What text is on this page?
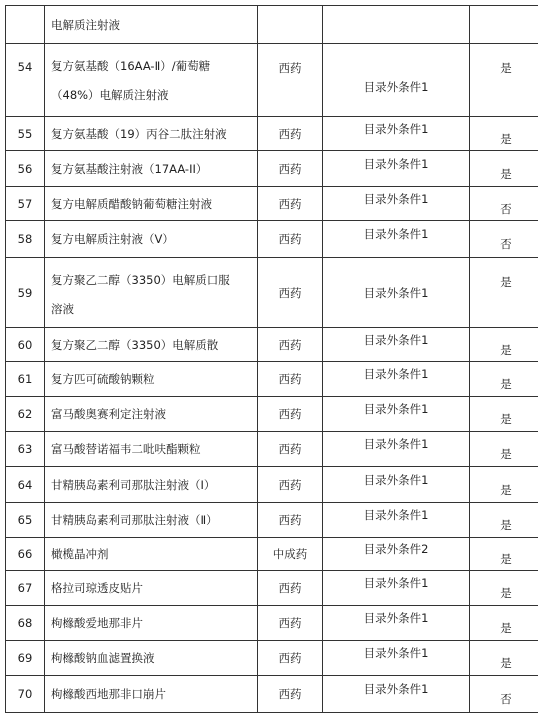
	电解质注射液			
54	复方氨基酸（16AA-Ⅱ）/葡萄糖
（48%）电解质注射液	西药	目录外条件1	是
55	复方氨基酸（19）丙谷二肽注射液	西药	目录外条件1	是
56	复方氨基酸注射液（17AA-II）	西药	目录外条件1	是
57	复方电解质醋酸钠葡萄糖注射液	西药	目录外条件1	否
58	复方电解质注射液（V）	西药	目录外条件1	否
59	复方聚乙二醇（3350）电解质口服
溶液	西药	目录外条件1	是
60	复方聚乙二醇（3350）电解质散	西药	目录外条件1	是
61	复方匹可硫酸钠颗粒	西药	目录外条件1	是
62	富马酸奥赛利定注射液	西药	目录外条件1	是
63	富马酸替诺福韦二吡呋酯颗粒	西药	目录外条件1	是
64	甘精胰岛素利司那肽注射液（Ⅰ）	西药	目录外条件1	是
65	甘精胰岛素利司那肽注射液（Ⅱ）	西药	目录外条件1	是
66	橄榄晶冲剂	中成药	目录外条件2	是
67	格拉司琼透皮贴片	西药	目录外条件1	是
68	枸橼酸爱地那非片	西药	目录外条件1	是
69	枸橼酸钠血滤置换液	西药	目录外条件1	是
70	枸橼酸西地那非口崩片	西药	目录外条件1	否
